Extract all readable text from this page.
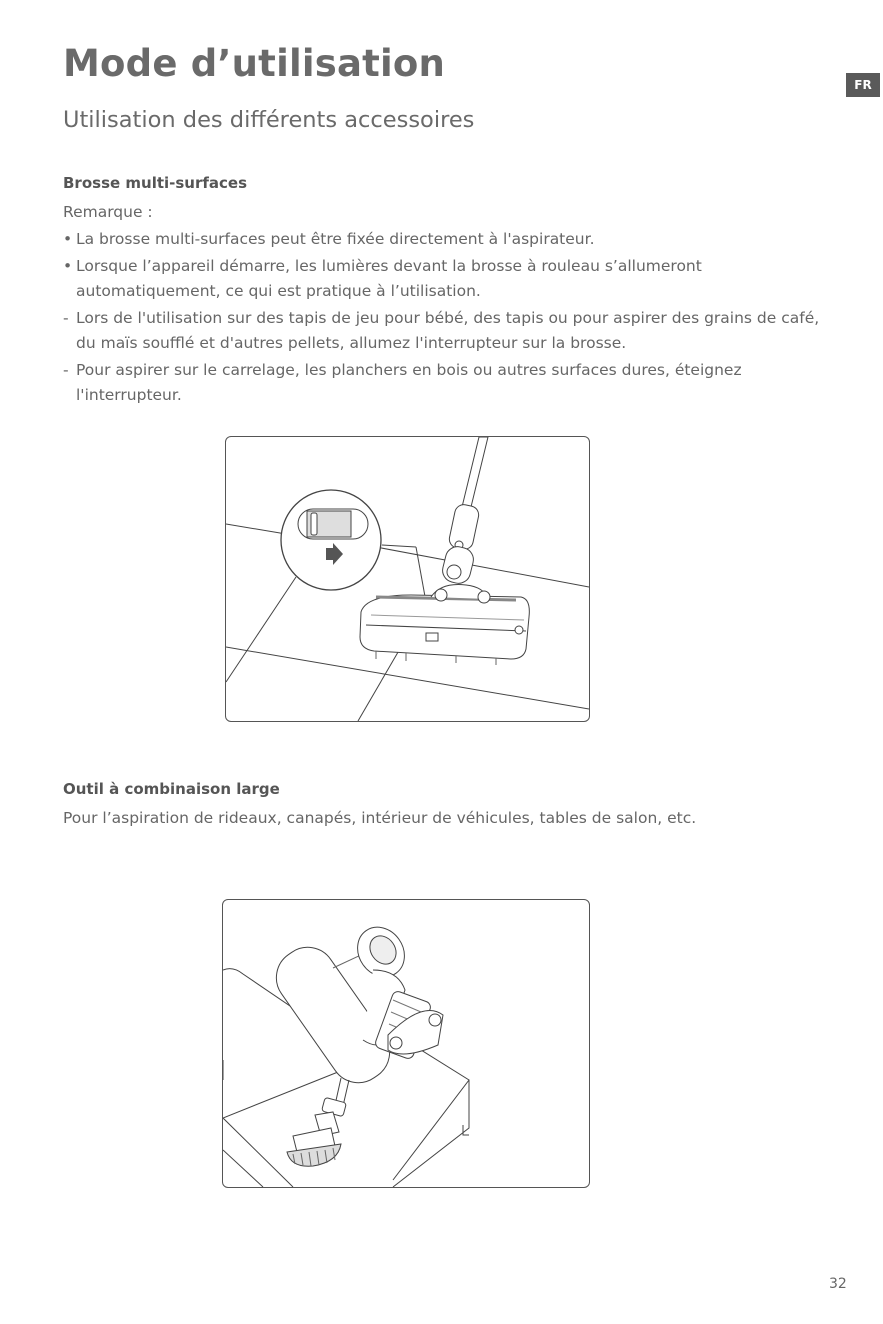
Mode d’utilisation	FR
Utilisation des différents accessoires
Brosse multi-surfaces
Remarque :
• La brosse multi-surfaces peut être fixée directement à l'aspirateur.
• Lorsque l’appareil démarre, les lumières devant la brosse à rouleau s’allumeront automatiquement, ce qui est pratique à l’utilisation.
- Lors de l'utilisation sur des tapis de jeu pour bébé, des tapis ou pour aspirer des grains de café, du maïs soufflé et d'autres pellets, allumez l'interrupteur sur la brosse.
- Pour aspirer sur le carrelage, les planchers en bois ou autres surfaces dures, éteignez l'interrupteur.
Outil à combinaison large
Pour l’aspiration de rideaux, canapés, intérieur de véhicules, tables de salon, etc.
32
